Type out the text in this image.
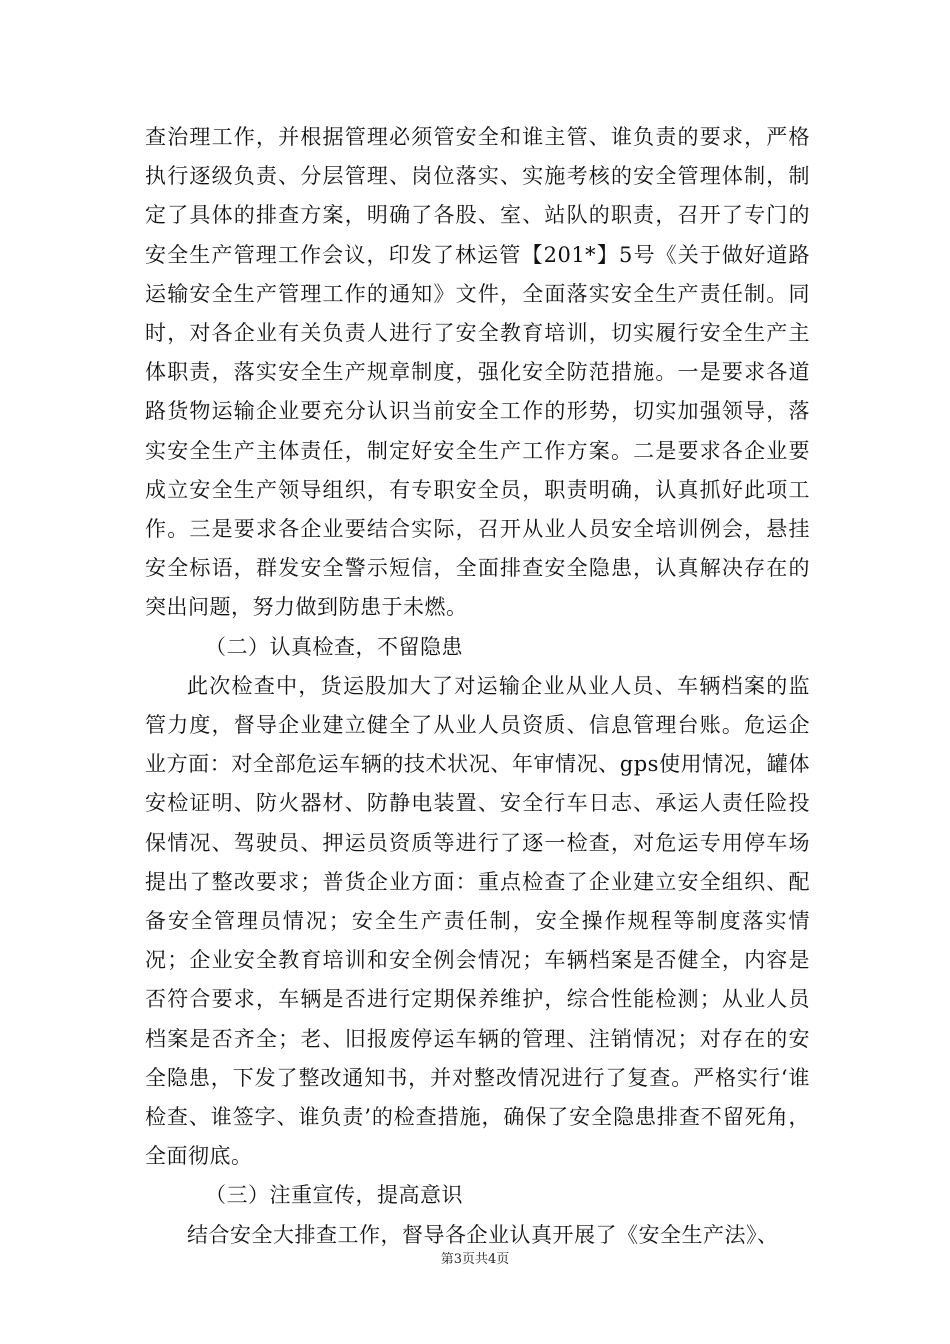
查治理工作，并根据管理必须管安全和谁主管、谁负责的要求，严格执行逐级负责、分层管理、岗位落实、实施考核的安全管理体制，制定了具体的排查方案，明确了各股、室、站队的职责，召开了专门的安全生产管理工作会议，印发了林运管【201*】5号《关于做好道路运输安全生产管理工作的通知》文件，全面落实安全生产责任制。同时，对各企业有关负责人进行了安全教育培训，切实履行安全生产主体职责，落实安全生产规章制度，强化安全防范措施。一是要求各道路货物运输企业要充分认识当前安全工作的形势，切实加强领导，落实安全生产主体责任，制定好安全生产工作方案。二是要求各企业要成立安全生产领导组织，有专职安全员，职责明确，认真抓好此项工作。三是要求各企业要结合实际，召开从业人员安全培训例会，悬挂安全标语，群发安全警示短信，全面排查安全隐患，认真解决存在的突出问题，努力做到防患于未燃。

（二）认真检查，不留隐患

此次检查中，货运股加大了对运输企业从业人员、车辆档案的监管力度，督导企业建立健全了从业人员资质、信息管理台账。危运企业方面：对全部危运车辆的技术状况、年审情况、gps使用情况，罐体安检证明、防火器材、防静电装置、安全行车日志、承运人责任险投保情况、驾驶员、押运员资质等进行了逐一检查，对危运专用停车场提出了整改要求；普货企业方面：重点检查了企业建立安全组织、配备安全管理员情况；安全生产责任制，安全操作规程等制度落实情况；企业安全教育培训和安全例会情况；车辆档案是否健全，内容是否符合要求，车辆是否进行定期保养维护，综合性能检测；从业人员档案是否齐全；老、旧报废停运车辆的管理、注销情况；对存在的安全隐患，下发了整改通知书，并对整改情况进行了复查。严格实行‘谁检查、谁签字、谁负责’的检查措施，确保了安全隐患排查不留死角，全面彻底。

（三）注重宣传，提高意识

结合安全大排查工作，督导各企业认真开展了《安全生产法》、

第3页共4页
